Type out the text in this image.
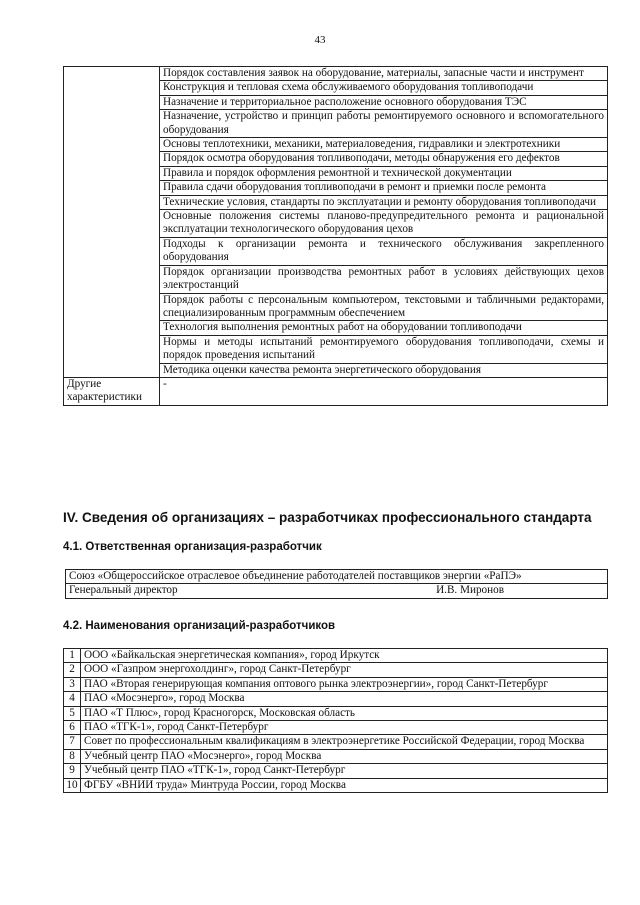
43
	Порядок составления заявок на оборудование, материалы, запасные части и инструмент
	Конструкция и тепловая схема обслуживаемого оборудования топливоподачи
	Назначение и территориальное расположение основного оборудования ТЭС
	Назначение, устройство и принцип работы ремонтируемого основного и вспомогательного оборудования
	Основы теплотехники, механики, материаловедения, гидравлики и электротехники
	Порядок осмотра оборудования топливоподачи, методы обнаружения его дефектов
	Правила и порядок оформления ремонтной и технической документации
	Правила сдачи оборудования топливоподачи в ремонт и приемки после ремонта
	Технические условия, стандарты по эксплуатации и ремонту оборудования топливоподачи
	Основные положения системы планово-предупредительного ремонта и рациональной эксплуатации технологического оборудования цехов
	Подходы к организации ремонта и технического обслуживания закрепленного оборудования
	Порядок организации производства ремонтных работ в условиях действующих цехов электростанций
	Порядок работы с персональным компьютером, текстовыми и табличными редакторами, специализированным программным обеспечением
	Технология выполнения ремонтных работ на оборудовании топливоподачи
	Нормы и методы испытаний ремонтируемого оборудования топливоподачи, схемы и порядок проведения испытаний
	Методика оценки качества ремонта энергетического оборудования
Другие характеристики	-
IV. Сведения об организациях – разработчиках профессионального стандарта
4.1. Ответственная организация-разработчик
Союз «Общероссийское отраслевое объединение работодателей поставщиков энергии «РаПЭ»

Генеральный директор	И.В. Миронов
4.2. Наименования организаций-разработчиков
1	ООО «Байкальская энергетическая компания», город Иркутск
2	ООО «Газпром энергохолдинг», город Санкт-Петербург
3	ПАО «Вторая генерирующая компания оптового рынка электроэнергии», город Санкт-Петербург
4	ПАО «Мосэнерго», город Москва
5	ПАО «Т Плюс», город Красногорск, Московская область
6	ПАО «ТГК-1», город Санкт-Петербург
7	Совет по профессиональным квалификациям в электроэнергетике Российской Федерации, город Москва
8	Учебный центр ПАО «Мосэнерго», город Москва
9	Учебный центр ПАО «ТГК-1», город Санкт-Петербург
10	ФГБУ «ВНИИ труда» Минтруда России, город Москва
